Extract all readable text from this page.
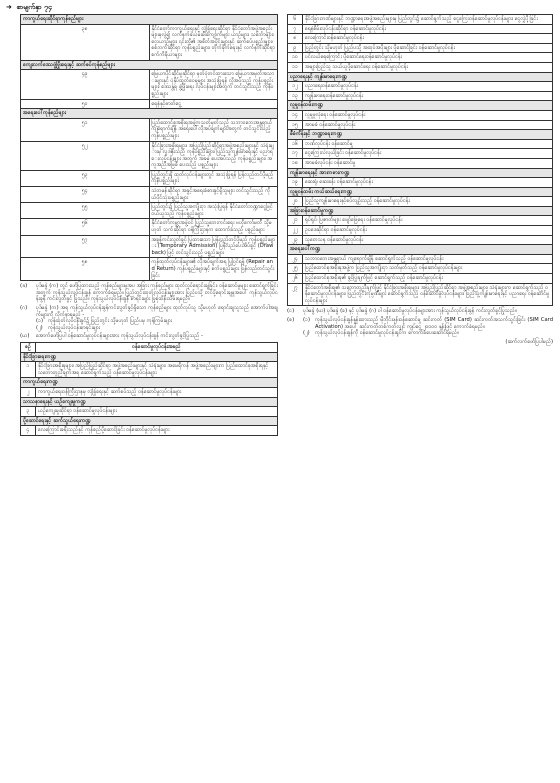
➜ စာမျက်နှာ ၇၄
ကာကွယ်ရေးဆိုင်ရာကုန်စည်များ	
၃၈	နိုင်ငံတော်ကာကွယ်ရေးနှင့် လုံခြုံရေးဆိုင်ရာ နိုင်ငံတော်အဖွဲ့အစည်းများမှလွဲ၍ လက်နက်ခဲယမ်းမီးကျောက်များ ယာဉ်များ၊ သင်္ဘောများ၊ လေယာဉ်များ၊ ၎င်းတို့၏ အစိတ်အပိုင်းများနှင့် ဆက်စပ်ပစ္စည်းများ၊ စစ်ဘက်ဆိုင်ရာ ကုန်ပစ္စည်းများ၊ တိုက်ခိုက်ရေးနှင့် လက်နက်ဆိုင်ရာ စက်ကိရိယာများ
ကျေးလက်ဒေသဖွံ့ဖြိုးရေးနှင့် ဆက်စပ်ကုန်စည်များ	
၄၉	မြေယာပိုင်ဆိုင်မှုဆိုင်ရာ မှတ်ပုံတင်ထားသော မြေယာအမှတ်အသားများနှင့် ပုံနှိပ်ထုတ်ဝေမှုများ အသုံးပြုရန် လိုအပ်သည့် ကုန်ပစ္စည်းများ၊ ဒေသန္တရ ဖွံ့ဖြိုးရေး လုပ်ငန်းများအတွက် တင်သွင်းသည့် ကုန်ပစ္စည်းများ
၅၀	ရေနံနှင့်ဓာတ်ငွေ့
အရေးပေါ်ကုန်စည်များ	
၅၁	ပြည်ထောင်စုအစိုးရအဖွဲ့ကသတ်မှတ်သည့် သဘာဝဘေးအန္တရာယ်ကျရောက်ချိန် အရေးပေါ်လိုအပ်ချက်များအတွက် တင်သွင်းသည့် ကုန်ပစ္စည်းများ
၅၂	နိုင်ငံခြားအစိုးရများ၊ အပြည်ပြည်ဆိုင်ရာအဖွဲ့အစည်းများနှင့် သံရုံးများမှ လှူဒါန်းသည့် ကုန်ပစ္စည်းများ၊ ပြည်သူ့ကျန်းမာရေးနှင့် ပညာရေးလုပ်ငန်းများ အတွက် အခမဲ့ ပေးအပ်သည့် ကုန်ပစ္စည်းများ၊ အကူအညီအဖြစ် ပေးသည့် ပစ္စည်းများ
၅၃	ပြည်တွင်းရှိ ထုတ်လုပ်ငန်းများတွင် အသုံးပြုရန် ပြန်လည်တင်ပို့မည့် ကုန်ပစ္စည်းများ
၅၄	သံတမန်ဆိုင်ရာ အခွင့်အရေးခံစားခွင့်ရှိသူများ တင်သွင်းသည့် ကိုယ်ပိုင်သုံးပစ္စည်းများ
၅၅	ပြည်တွင်း၌ ပြည်သူ့အကျိုးငှာ အသုံးပြုရန် နိုင်ငံတော်ဘဏ္ဍာငွေဖြင့် ဝယ်ယူသည့် ကုန်ပစ္စည်းများ
၅၆	နိုင်ငံတော်ကမ္ဘာ့အဖွဲ့ဝင် ပြည်သူ့ဘေးကင်းရေး ဗဟိုကော်မတီ သို့မဟုတ် သက်ဆိုင်ရာ ဝန်ကြီးဌာနက ထောက်ခံသည့် ပစ္စည်းများ
၅၇	အခွန်ကင်းလွတ်ခွင့် ပြုထားသော ပြန်လည်တင်ပို့မည့် ကုန်ပစ္စည်းများ (Temporary Admission) ပြန်လည်ပေးအပ်ခွင့် (Draw back) ဖြင့် တင်သွင်းသည့် ပစ္စည်းများ
၅၈	ကုန်ထုတ်လုပ်ငန်းများ၏ လိုအပ်ချက်အရ ပြုပြင်ရန် (Repair and Return) ကုန်ပစ္စည်းများနှင့် စက်ပစ္စည်းများ ပြန်လည်တင်သွင်းခြင်း
(ခ)	ပုဒ်မခွဲ (က) တွင် ဖော်ပြထားသည့် ကုန်စည်များမှအပ အခြား ကုန်စည်များ ထုတ်လုပ်ရောင်းချခြင်း၊ ဝန်ဆောင်မှုများ ဆောင်ရွက်ခြင်းအတွက် ကုန်သွယ်လုပ်ငန်းခွန် ကောက်ခံရမည်။ ပြည်တွင်းထုတ်လုပ်ငန်းများအား ပြည်ပသို့ တင်ပို့ရောင်းချမှုအပေါ် ကုန်သွယ်လုပ်ငန်းခွန် ကင်းလွတ်ခွင့် ပြုသည်။ ကုန်သွယ်လုပ်ငန်းခွန် စာရင်းများ ပြုစုထိန်းသိမ်းရမည်။
(ဂ)	ပုဒ်မခွဲ (က) အရ ကုန်သွယ်လုပ်ငန်းခွန်ကင်းလွတ်ခွင့်ရှိသော ကုန်စည်များ ထုတ်လုပ်သူ သို့မဟုတ် ရောင်းချသူသည် အောက်ပါအချက်များကို လိုက်နာရမည် -
(၁) ကုန်ထုတ်လုပ်ငန်းခွင်၌ ပြည်တွင်း သို့မဟုတ် ပြည်ပမှ ကုန်ကြမ်းများ
(၂)	ကုန်သွယ်လုပ်ငန်းစာရင်းများ
(ဃ)	အောက်ဖော်ပြပါ ဝန်ဆောင်မှုလုပ်ငန်းများအား ကုန်သွယ်လုပ်ငန်းခွန် ကင်းလွတ်ခွင့်ပြုသည် -
စဉ်	ဝန်ဆောင်မှုလုပ်ငန်းအမည်
နိုင်ငံခြားရေးကဏ္ဍ	
၁	နိုင်ငံခြားအစိုးရများ၊ အပြည်ပြည်ဆိုင်ရာ အဖွဲ့အစည်းများနှင့် သံရုံးများ၊ အမေရိကန် အဖွဲ့အစည်းများက ပြည်ထောင်စုအစိုးရနှင့် သဘောတူညီချက်အရ ဆောင်ရွက်သည့် ဝန်ဆောင်မှုလုပ်ငန်းများ
ကာကွယ်ရေးကဏ္ဍ	
၂	ကာကွယ်ရေးဝန်ကြီးဌာနမှ လုံခြုံရေးနှင့် ဆက်စပ်သည့် ဝန်ဆောင်မှုလုပ်ငန်းများ
သာသနာရေးနှင့် ယဉ်ကျေးမှုကဏ္ဍ	
၃	ယဉ်ကျေးမှုဆိုင်ရာ ဝန်ဆောင်မှုလုပ်ငန်းများ
ပို့ဆောင်ရေးနှင့် ဆက်သွယ်ရေးကဏ္ဍ	
၄	လေကြောင်းခရီးသည်နှင့် ကုန်စည်ပို့ဆောင်ခြင်း ဝန်ဆောင်မှုလုပ်ငန်းများ
၆	နိုင်ငံခြားဘဏ်များနှင့် ဘဏ္ဍာရေးအဖွဲ့အစည်းများမှ ပြည်တွင်း၌ ဆောင်ရွက်သည့် ငွေကြေးဝန်ဆောင်မှုလုပ်ငန်းများ၊ ငွေလွှဲပို့ခြင်း
၇	ရေနံစိမ်းလုပ်ငန်းဆိုင်ရာ ဝန်ဆောင်မှုလုပ်ငန်း
၈	လေကြောင်းဝန်ဆောင်မှုလုပ်ငန်း
၉	ပြည်တွင်း သို့မဟုတ် ပြည်ပသို့ အထုပ်အပိုးများ ပို့ဆောင်ခြင်း ဝန်ဆောင်မှုလုပ်ငန်း
၁၀	ပင်လယ်ရေကြောင်း ပို့ဆောင်ရေးဝန်ဆောင်မှုလုပ်ငန်း
၁၁	အများပြည်သူ သယ်ယူပို့ဆောင်ရေး ဝန်ဆောင်မှုလုပ်ငန်း
ပညာရေးနှင့် ကျန်းမာရေးကဏ္ဍ	
၁၂	ပညာရေးဝန်ဆောင်မှုလုပ်ငန်း
၁၃	ကျန်းမာရေးဝန်ဆောင်မှုလုပ်ငန်း
လူမှုဝန်ထမ်းကဏ္ဍ	
၁၄	လူမှုဖူလုံရေး ဝန်ဆောင်မှုလုပ်ငန်း
၁၅	အာမခံ ဝန်ဆောင်မှုလုပ်ငန်း
စီမံကိန်းနှင့် ဘဏ္ဍာရေးကဏ္ဍ	
၁၆	ဘဏ်လုပ်ငန်း ဝန်ဆောင်မှု
၁၇	ငွေကြေးလဲလှယ်ခြင်း ဝန်ဆောင်မှုလုပ်ငန်း
၁၈	အာမခံလုပ်ငန်း ဝန်ဆောင်မှု
ကျန်းမာရေးနှင့် အားကစားကဏ္ဍ	
၁၉	ဆေးရုံ၊ ဆေးခန်း ဝန်ဆောင်မှုလုပ်ငန်း
လူမှုဝန်ထမ်း ကယ်ဆယ်ရေးကဏ္ဍ	
၂၀	ပြည်သူ့ကျန်းမာရေးနှင့်စပ်လျဉ်းသည့် ဝန်ဆောင်မှုလုပ်ငန်း
အခြားဝန်ဆောင်မှုကဏ္ဍ	
၂၁	ရုပ်ရှင်၊ ပြဇာတ်များ ဖျော်ဖြေရေး ဝန်ဆောင်မှုလုပ်ငန်း
၂၂	ဥပဒေဆိုင်ရာ ဝန်ဆောင်မှုလုပ်ငန်း
၂၃	သုတေသန ဝန်ဆောင်မှုလုပ်ငန်း
အရေးပေါ်ကဏ္ဍ	
၂၄	သဘာဝဘေးအန္တရာယ် ကျရောက်ချိန် ဆောင်ရွက်သည့် ဝန်ဆောင်မှုလုပ်ငန်း
၂၅	ပြည်ထောင်စုအစိုးရအဖွဲ့က ပြည်သူ့အကျိုးငှာ သတ်မှတ်သည့် ဝန်ဆောင်မှုလုပ်ငန်းများ
၂၆	ပြည်ထောင်စုအစိုးရ၏ ခွင့်ပြုချက်ဖြင့် ဆောင်ရွက်သည့် ဝန်ဆောင်မှုလုပ်ငန်း
၂၇	နိုင်ငံတော်အစိုးရ၏ သဘောတူညီချက်ဖြင့် နိုင်ငံခြားအစိုးရများ၊ အပြည်ပြည်ဆိုင်ရာ အဖွဲ့အစည်းများ၊ သံရုံးများက ဆောင်ရွက်သည့် ဝန်ဆောင်မှုလုပ်ငန်းများ၊ ပြည်တွင်းကုမ္ပဏီများ ဆောင်ရွက်သည့် ဝန်ဆောင်မှုလုပ်ငန်းများ၊ ပြည်သူ့ကျန်းမာရေးနှင့် ပညာရေး ဝန်ဆောင်မှုလုပ်ငန်းများ
(င)	ပုဒ်မခွဲ (ဃ) ပုဒ်မခွဲ (ခ) နှင့် ပုဒ်မခွဲ (ဂ) ပါ ဝန်ဆောင်မှုလုပ်ငန်းများအား ကုန်သွယ်လုပ်ငန်းခွန် ကင်းလွတ်ခွင့်ပြုသည်။
(စ)	(၁) ကုန်သွယ်လုပ်ငန်းခွန်နှုန်းထားသည် မိုဘိုင်းဖုန်းဝန်ဆောင်မှု ဆင်းကတ် (SIM Card) ဆင်းကတ်အသက်သွင်းခြင်း (SIM Card Activation) အပေါ် ဆင်းကတ်တစ်ကတ်လျှင် ကျပ်ငွေ ၂၀၀၀၀ နှုန်းဖြင့် ကောက်ခံရမည်။
(၂)	ကုန်သွယ်လုပ်ငန်းခွန်ကို ဝန်ဆောင်မှုလုပ်ငန်းရှင်က ကောက်ခံပေးဆောင်ရမည်။
(ဆက်လက်ဖော်ပြပါမည်)
